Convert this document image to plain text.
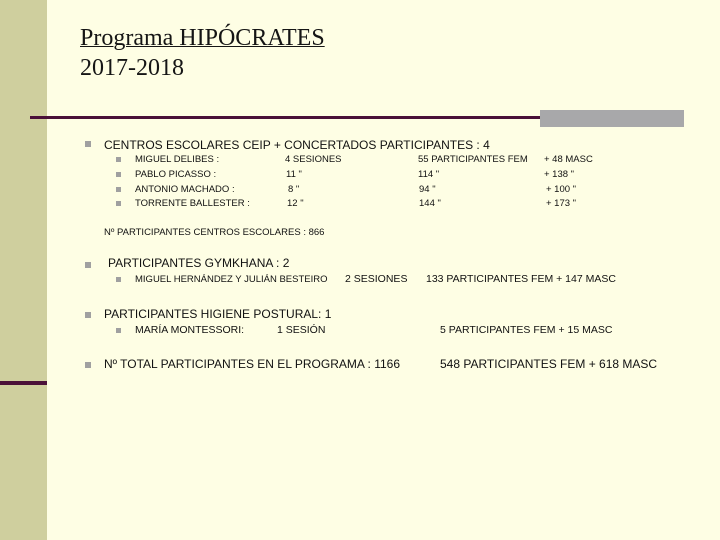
Programa HIPÓCRATES
2017-2018
CENTROS ESCOLARES CEIP + CONCERTADOS PARTICIPANTES : 4
MIGUEL DELIBES :	4 SESIONES	55 PARTICIPANTES FEM + 48 MASC
PABLO PICASSO :	11 "	114 "	+ 138 "
ANTONIO MACHADO :	8 "	94 "	+ 100 "
TORRENTE BALLESTER :	12 "	144 "	+ 173 "
Nº PARTICIPANTES CENTROS ESCOLARES : 866
PARTICIPANTES GYMKHANA : 2
MIGUEL HERNÁNDEZ Y JULIÁN BESTEIRO 2 SESIONES 133 PARTICIPANTES FEM + 147 MASC
PARTICIPANTES HIGIENE POSTURAL: 1
MARÍA MONTESSORI:	1 SESIÓN	5 PARTICIPANTES FEM + 15 MASC
Nº TOTAL PARTICIPANTES EN EL PROGRAMA : 1166	548 PARTICIPANTES FEM + 618 MASC
